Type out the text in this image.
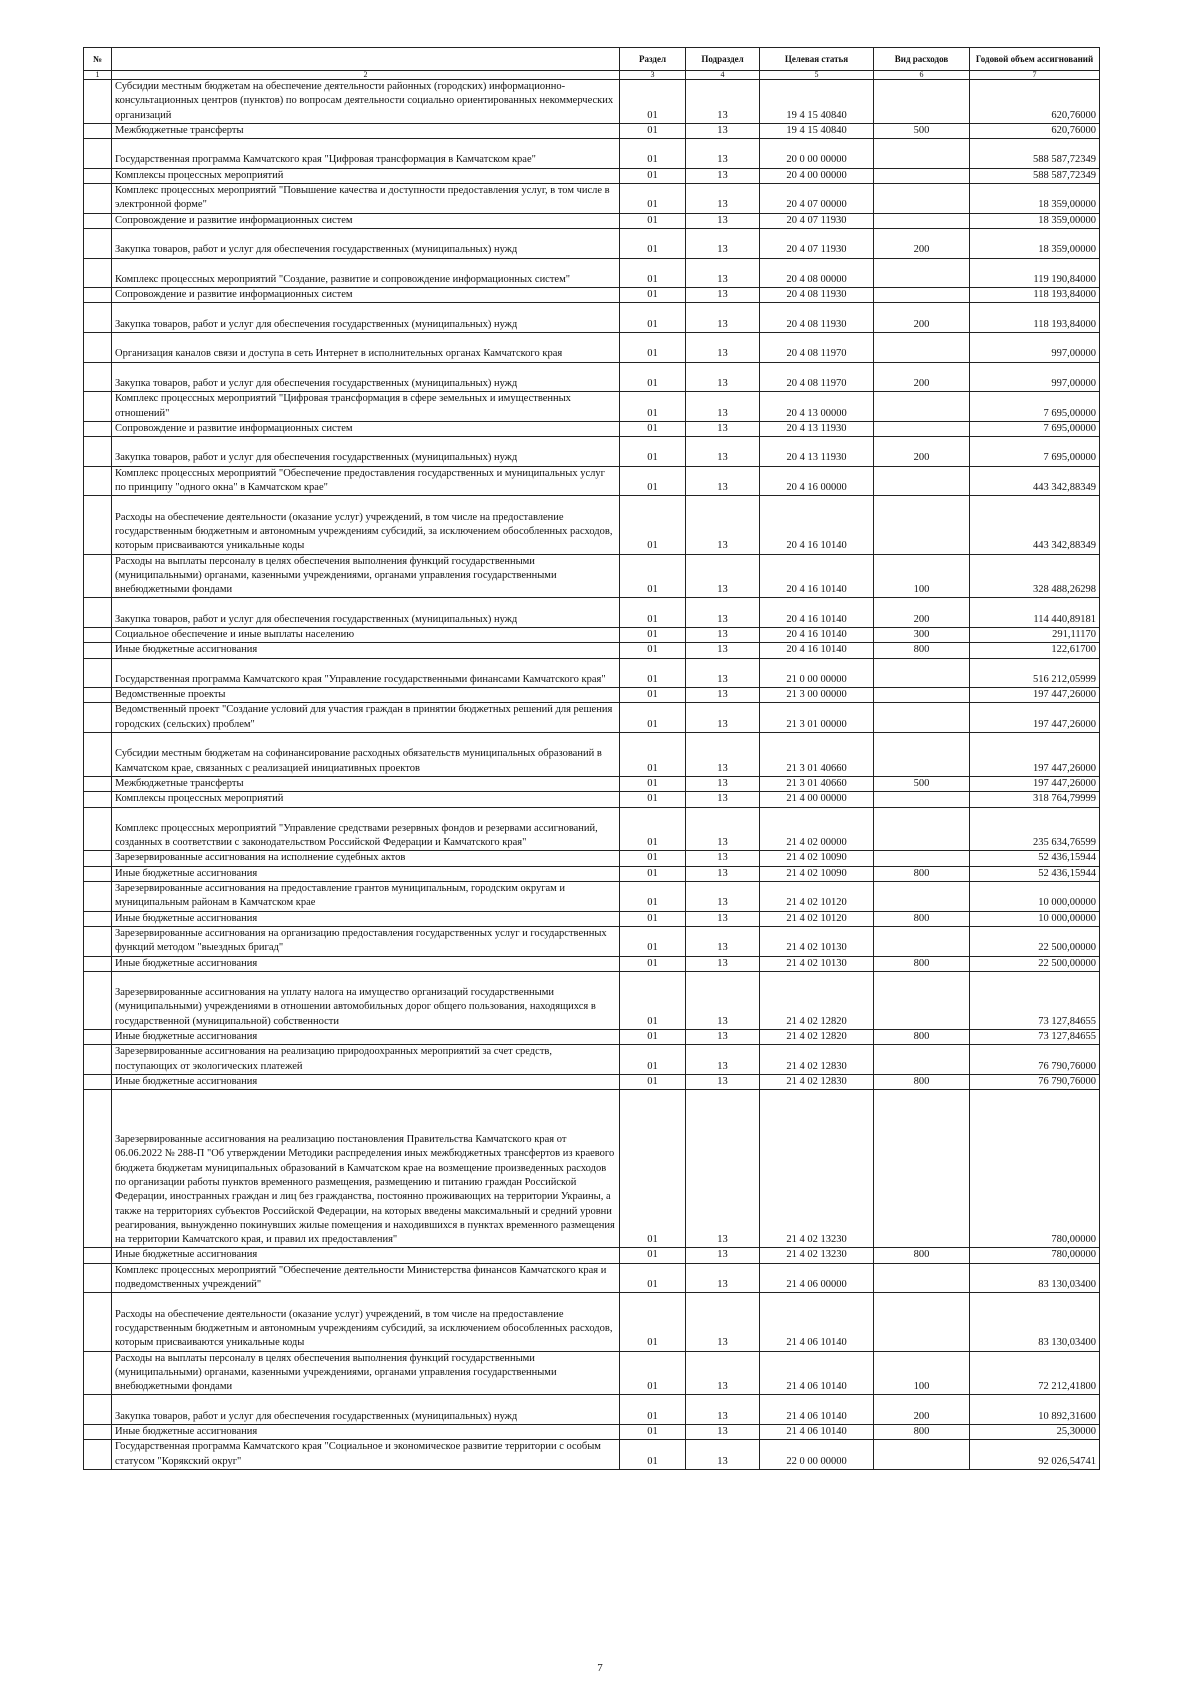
№		Раздел	Подраздел	Целевая статья	Вид расходов	Годовой объем ассигнований
1	2	3	4	5	6	7
	Субсидии местным бюджетам на обеспечение деятельности районных (городских) информационно-консультационных центров (пунктов) по вопросам деятельности социально ориентированных некоммерческих организаций	01	13	19 4 15 40840		620,76000
	Межбюджетные трансферты	01	13	19 4 15 40840	500	620,76000
	Государственная программа Камчатского края "Цифровая трансформация в Камчатском крае"	01	13	20 0 00 00000		588 587,72349
	Комплексы процессных мероприятий	01	13	20 4 00 00000		588 587,72349
	Комплекс процессных мероприятий "Повышение качества и доступности предоставления услуг, в том числе в электронной форме"	01	13	20 4 07 00000		18 359,00000
	Сопровождение и развитие информационных систем	01	13	20 4 07 11930		18 359,00000
	Закупка товаров, работ и услуг для обеспечения государственных (муниципальных) нужд	01	13	20 4 07 11930	200	18 359,00000
	Комплекс процессных мероприятий "Создание, развитие и сопровождение информационных систем"	01	13	20 4 08 00000		119 190,84000
	Сопровождение и развитие информационных систем	01	13	20 4 08 11930		118 193,84000
	Закупка товаров, работ и услуг для обеспечения государственных (муниципальных) нужд	01	13	20 4 08 11930	200	118 193,84000
	Организация каналов связи и доступа в сеть Интернет в исполнительных органах Камчатского края	01	13	20 4 08 11970		997,00000
	Закупка товаров, работ и услуг для обеспечения государственных (муниципальных) нужд	01	13	20 4 08 11970	200	997,00000
	Комплекс процессных мероприятий "Цифровая трансформация в сфере земельных и имущественных отношений"	01	13	20 4 13 00000		7 695,00000
	Сопровождение и развитие информационных систем	01	13	20 4 13 11930		7 695,00000
	Закупка товаров, работ и услуг для обеспечения государственных (муниципальных) нужд	01	13	20 4 13 11930	200	7 695,00000
	Комплекс процессных мероприятий "Обеспечение предоставления государственных и муниципальных услуг по принципу "одного окна" в Камчатском крае"	01	13	20 4 16 00000		443 342,88349
	Расходы на обеспечение деятельности (оказание услуг) учреждений, в том числе на предоставление государственным бюджетным и автономным учреждениям субсидий, за исключением обособленных расходов, которым присваиваются уникальные коды	01	13	20 4 16 10140		443 342,88349
	Расходы на выплаты персоналу в целях обеспечения выполнения функций государственными (муниципальными) органами, казенными учреждениями, органами управления государственными внебюджетными фондами	01	13	20 4 16 10140	100	328 488,26298
	Закупка товаров, работ и услуг для обеспечения государственных (муниципальных) нужд	01	13	20 4 16 10140	200	114 440,89181
	Социальное обеспечение и иные выплаты населению	01	13	20 4 16 10140	300	291,11170
	Иные бюджетные ассигнования	01	13	20 4 16 10140	800	122,61700
	Государственная программа Камчатского края "Управление государственными финансами Камчатского края"	01	13	21 0 00 00000		516 212,05999
	Ведомственные проекты	01	13	21 3 00 00000		197 447,26000
	Ведомственный проект "Создание условий для участия граждан в принятии бюджетных решений для решения городских (сельских) проблем"	01	13	21 3 01 00000		197 447,26000
	Субсидии местным бюджетам на софинансирование расходных обязательств муниципальных образований в Камчатском крае, связанных с реализацией инициативных проектов	01	13	21 3 01 40660		197 447,26000
	Межбюджетные трансферты	01	13	21 3 01 40660	500	197 447,26000
	Комплексы процессных мероприятий	01	13	21 4 00 00000		318 764,79999
	Комплекс процессных мероприятий "Управление средствами резервных фондов и резервами ассигнований, созданных в соответствии с законодательством Российской Федерации и Камчатского края"	01	13	21 4 02 00000		235 634,76599
	Зарезервированные ассигнования на исполнение судебных актов	01	13	21 4 02 10090		52 436,15944
	Иные бюджетные ассигнования	01	13	21 4 02 10090	800	52 436,15944
	Зарезервированные ассигнования на предоставление грантов муниципальным, городским округам и муниципальным районам в Камчатском крае	01	13	21 4 02 10120		10 000,00000
	Иные бюджетные ассигнования	01	13	21 4 02 10120	800	10 000,00000
	Зарезервированные ассигнования на организацию предоставления государственных услуг и государственных функций методом "выездных бригад"	01	13	21 4 02 10130		22 500,00000
	Иные бюджетные ассигнования	01	13	21 4 02 10130	800	22 500,00000
	Зарезервированные ассигнования на уплату налога на имущество организаций государственными (муниципальными) учреждениями в отношении автомобильных дорог общего пользования, находящихся в государственной (муниципальной) собственности	01	13	21 4 02 12820		73 127,84655
	Иные бюджетные ассигнования	01	13	21 4 02 12820	800	73 127,84655
	Зарезервированные ассигнования на реализацию природоохранных мероприятий за счет средств, поступающих от экологических платежей	01	13	21 4 02 12830		76 790,76000
	Иные бюджетные ассигнования	01	13	21 4 02 12830	800	76 790,76000
	Зарезервированные ассигнования на реализацию постановления Правительства Камчатского края от 06.06.2022 № 288-П "Об утверждении Методики распределения иных межбюджетных трансфертов из краевого бюджета бюджетам муниципальных образований в Камчатском крае на возмещение произведенных расходов по организации работы пунктов временного размещения, размещению и питанию граждан Российской Федерации, иностранных граждан и лиц без гражданства, постоянно проживающих на территории Украины, а также на территориях субъектов Российской Федерации, на которых введены максимальный и средний уровни реагирования, вынужденно покинувших жилые помещения и находившихся в пунктах временного размещения на территории Камчатского края, и правил их предоставления"	01	13	21 4 02 13230		780,00000
	Иные бюджетные ассигнования	01	13	21 4 02 13230	800	780,00000
	Комплекс процессных мероприятий "Обеспечение деятельности Министерства финансов Камчатского края и подведомственных учреждений"	01	13	21 4 06 00000		83 130,03400
	Расходы на обеспечение деятельности (оказание услуг) учреждений, в том числе на предоставление государственным бюджетным и автономным учреждениям субсидий, за исключением обособленных расходов, которым присваиваются уникальные коды	01	13	21 4 06 10140		83 130,03400
	Расходы на выплаты персоналу в целях обеспечения выполнения функций государственными (муниципальными) органами, казенными учреждениями, органами управления государственными внебюджетными фондами	01	13	21 4 06 10140	100	72 212,41800
	Закупка товаров, работ и услуг для обеспечения государственных (муниципальных) нужд	01	13	21 4 06 10140	200	10 892,31600
	Иные бюджетные ассигнования	01	13	21 4 06 10140	800	25,30000
	Государственная программа Камчатского края "Социальное и экономическое развитие территории с особым статусом "Корякский округ"	01	13	22 0 00 00000		92 026,54741
7
